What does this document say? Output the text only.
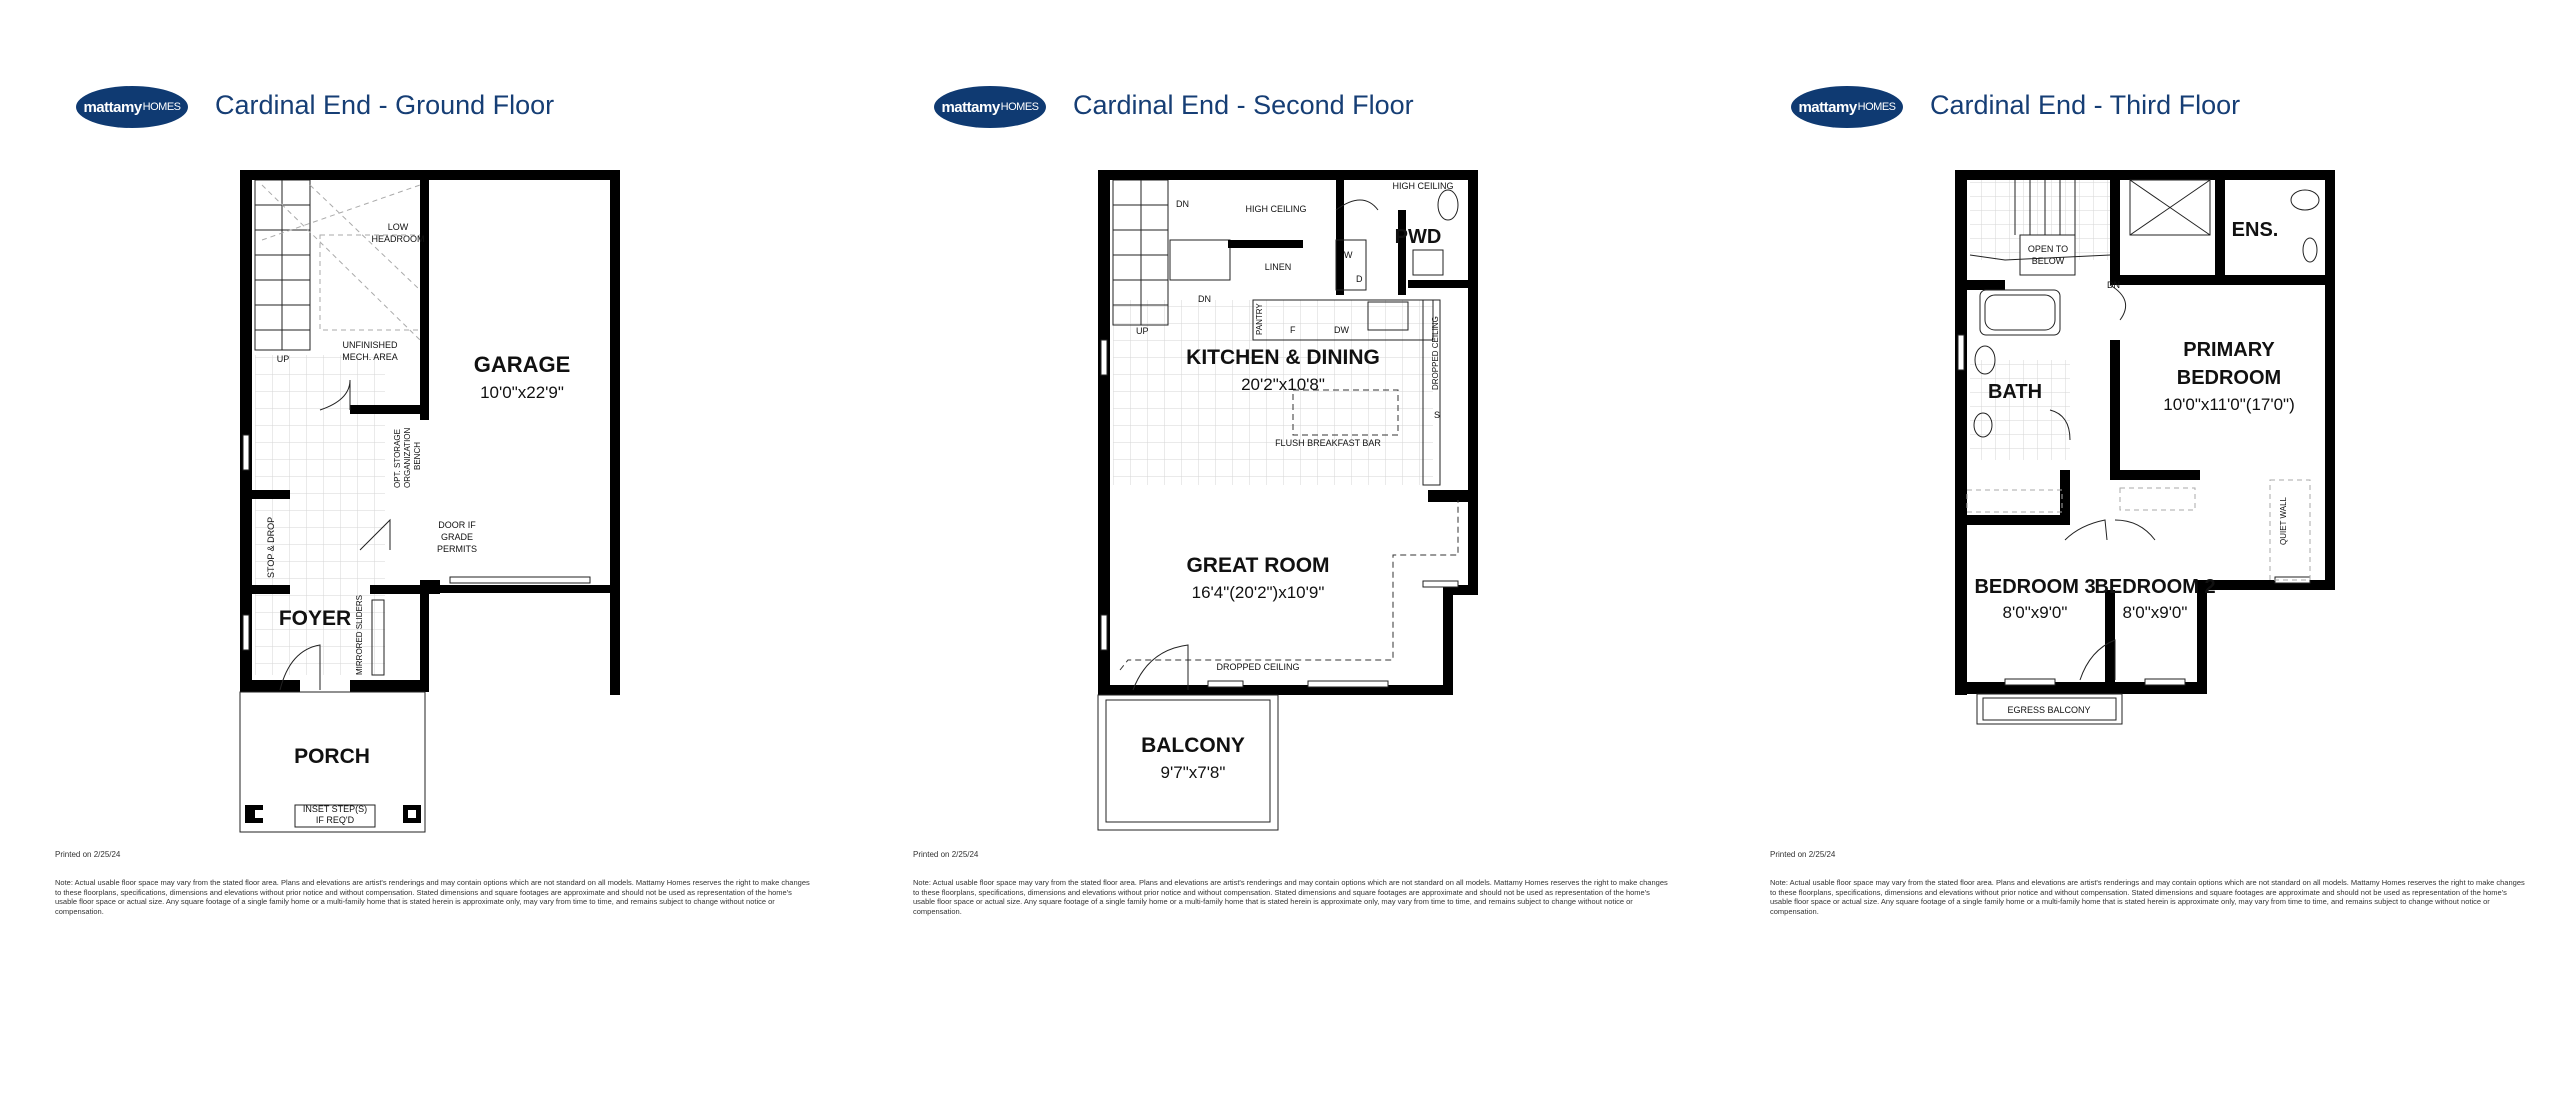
mattamy HOMES Cardinal End - Ground Floor
GARAGE
10'0"x22'9"
FOYER
PORCH
LOW
HEADROOM
UNFINISHED
MECH. AREA
UP
OPT. STORAGE ORGANIZATION BENCH
STOP & DROP	DOOR IF
GRADE
PERMITS
MIRRORED SLIDERS
INSET STEP(S)
IF REQ'D
Printed on 2/25/24
Note: Actual usable floor space may vary from the stated floor area. Plans and elevations are artist's renderings and may contain options which are not standard on all models. Mattamy Homes reserves the right to make changes to these floorplans, specifications, dimensions and elevations without prior notice and without compensation. Stated dimensions and square footages are approximate and should not be used as representation of the home's usable floor space or actual size. Any square footage of a single family home or a multi-family home that is stated herein is approximate only, may vary from time to time, and remains subject to change without notice or compensation.
mattamy HOMES Cardinal End - Second Floor
KITCHEN & DINING
20'2"x10'8"
GREAT ROOM
16'4"(20'2")x10'9"
BALCONY
9'7"x7'8"
PWD
HIGH CEILING
HIGH CEILING
LINEN
DN
DN
UP
W
D
PANTRY	F	DW
S
DROPPED CEILING
DROPPED CEILING
FLUSH BREAKFAST BAR
Printed on 2/25/24
Note: Actual usable floor space may vary from the stated floor area. Plans and elevations are artist's renderings and may contain options which are not standard on all models. Mattamy Homes reserves the right to make changes to these floorplans, specifications, dimensions and elevations without prior notice and without compensation. Stated dimensions and square footages are approximate and should not be used as representation of the home's usable floor space or actual size. Any square footage of a single family home or a multi-family home that is stated herein is approximate only, may vary from time to time, and remains subject to change without notice or compensation.
mattamy HOMES Cardinal End - Third Floor
PRIMARY
BEDROOM
10'0"x11'0"(17'0")
BATH
ENS.
BEDROOM 3
8'0"x9'0"
BEDROOM 2
8'0"x9'0"
OPEN TO
BELOW
DN
QUIET WALL
EGRESS BALCONY
Printed on 2/25/24
Note: Actual usable floor space may vary from the stated floor area. Plans and elevations are artist's renderings and may contain options which are not standard on all models. Mattamy Homes reserves the right to make changes to these floorplans, specifications, dimensions and elevations without prior notice and without compensation. Stated dimensions and square footages are approximate and should not be used as representation of the home's usable floor space or actual size. Any square footage of a single family home or a multi-family home that is stated herein is approximate only, may vary from time to time, and remains subject to change without notice or compensation.
